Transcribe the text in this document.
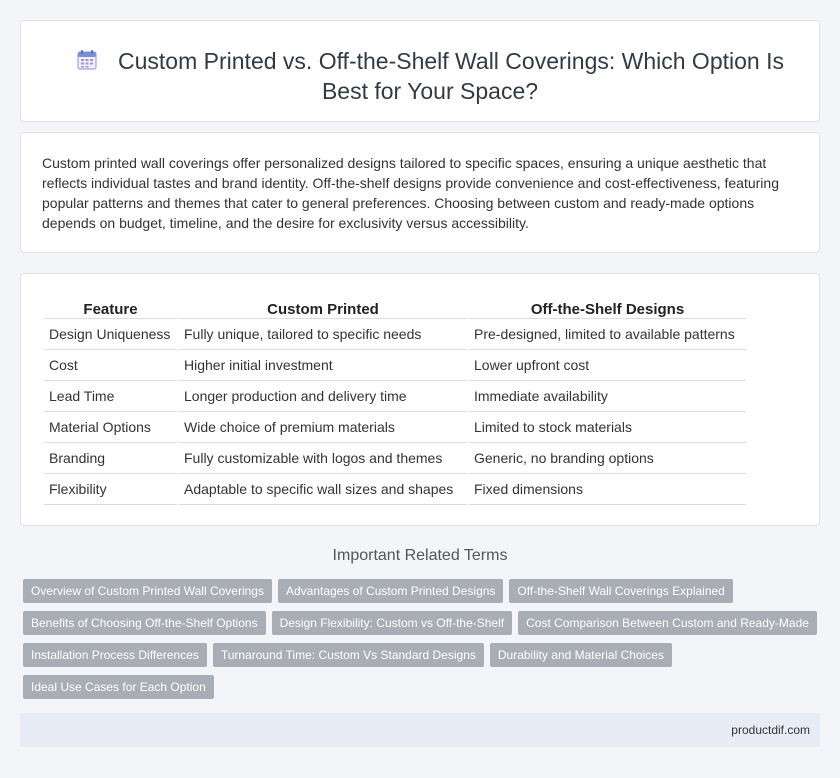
Custom Printed vs. Off-the-Shelf Wall Coverings: Which Option Is Best for Your Space?

Custom printed wall coverings offer personalized designs tailored to specific spaces, ensuring a unique aesthetic that reflects individual tastes and brand identity. Off-the-shelf designs provide convenience and cost-effectiveness, featuring popular patterns and themes that cater to general preferences. Choosing between custom and ready-made options depends on budget, timeline, and the desire for exclusivity versus accessibility.

Feature	Custom Printed	Off-the-Shelf Designs
Design Uniqueness	Fully unique, tailored to specific needs	Pre-designed, limited to available patterns
Cost	Higher initial investment	Lower upfront cost
Lead Time	Longer production and delivery time	Immediate availability
Material Options	Wide choice of premium materials	Limited to stock materials
Branding	Fully customizable with logos and themes	Generic, no branding options
Flexibility	Adaptable to specific wall sizes and shapes	Fixed dimensions
Important Related Terms
Overview of Custom Printed Wall Coverings	Advantages of Custom Printed Designs	Off-the-Shelf Wall Coverings Explained
Benefits of Choosing Off-the-Shelf Options	Design Flexibility: Custom vs Off-the-Shelf	Cost Comparison Between Custom and Ready-Made
Installation Process Differences	Turnaround Time: Custom Vs Standard Designs	Durability and Material Choices
Ideal Use Cases for Each Option
productdif.com
